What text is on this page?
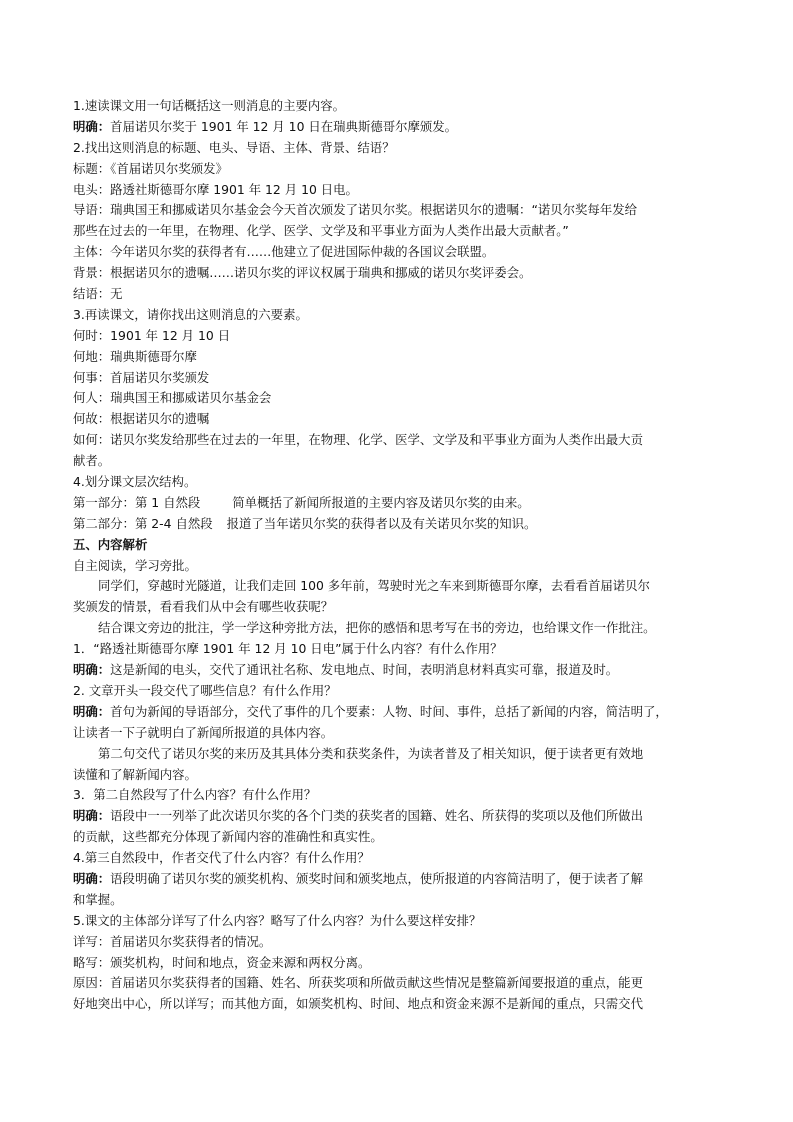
1.速读课文用一句话概括这一则消息的主要内容。
明确：首届诺贝尔奖于 1901 年 12 月 10 日在瑞典斯德哥尔摩颁发。
2.找出这则消息的标题、电头、导语、主体、背景、结语？
标题：《首届诺贝尔奖颁发》
电头：路透社斯德哥尔摩 1901 年 12 月 10 日电。
导语：瑞典国王和挪威诺贝尔基金会今天首次颁发了诺贝尔奖。根据诺贝尔的遗嘱：“诺贝尔奖每年发给
那些在过去的一年里，在物理、化学、医学、文学及和平事业方面为人类作出最大贡献者。”
主体：今年诺贝尔奖的获得者有……他建立了促进国际仲裁的各国议会联盟。
背景：根据诺贝尔的遗嘱……诺贝尔奖的评议权属于瑞典和挪威的诺贝尔奖评委会。
结语：无
3.再读课文，请你找出这则消息的六要素。
何时：1901 年 12 月 10 日
何地：瑞典斯德哥尔摩
何事：首届诺贝尔奖颁发
何人：瑞典国王和挪威诺贝尔基金会
何故：根据诺贝尔的遗嘱
如何：诺贝尔奖发给那些在过去的一年里，在物理、化学、医学、文学及和平事业方面为人类作出最大贡
献者。
4.划分课文层次结构。
第一部分：第 1 自然段	简单概括了新闻所报道的主要内容及诺贝尔奖的由来。
第二部分：第 2-4 自然段 报道了当年诺贝尔奖的获得者以及有关诺贝尔奖的知识。
五、内容解析
自主阅读，学习旁批。
同学们，穿越时光隧道，让我们走回 100 多年前，驾驶时光之车来到斯德哥尔摩，去看看首届诺贝尔
奖颁发的情景，看看我们从中会有哪些收获呢？
结合课文旁边的批注，学一学这种旁批方法，把你的感悟和思考写在书的旁边，也给课文作一作批注。
1．“路透社斯德哥尔摩 1901 年 12 月 10 日电”属于什么内容？有什么作用？
明确：这是新闻的电头，交代了通讯社名称、发电地点、时间，表明消息材料真实可靠，报道及时。
2. 文章开头一段交代了哪些信息？有什么作用？
明确：首句为新闻的导语部分，交代了事件的几个要素：人物、时间、事件，总括了新闻的内容，简洁明了，
让读者一下子就明白了新闻所报道的具体内容。
第二句交代了诺贝尔奖的来历及其具体分类和获奖条件，为读者普及了相关知识，便于读者更有效地
读懂和了解新闻内容。
3．第二自然段写了什么内容？有什么作用？
明确：语段中一一列举了此次诺贝尔奖的各个门类的获奖者的国籍、姓名、所获得的奖项以及他们所做出
的贡献，这些都充分体现了新闻内容的准确性和真实性。
4.第三自然段中，作者交代了什么内容？有什么作用？
明确：语段明确了诺贝尔奖的颁奖机构、颁奖时间和颁奖地点，使所报道的内容简洁明了，便于读者了解
和掌握。
5.课文的主体部分详写了什么内容？略写了什么内容？为什么要这样安排？
详写：首届诺贝尔奖获得者的情况。
略写：颁奖机构，时间和地点，资金来源和两权分离。
原因：首届诺贝尔奖获得者的国籍、姓名、所获奖项和所做贡献这些情况是整篇新闻要报道的重点，能更
好地突出中心，所以详写；而其他方面，如颁奖机构、时间、地点和资金来源不是新闻的重点，只需交代
